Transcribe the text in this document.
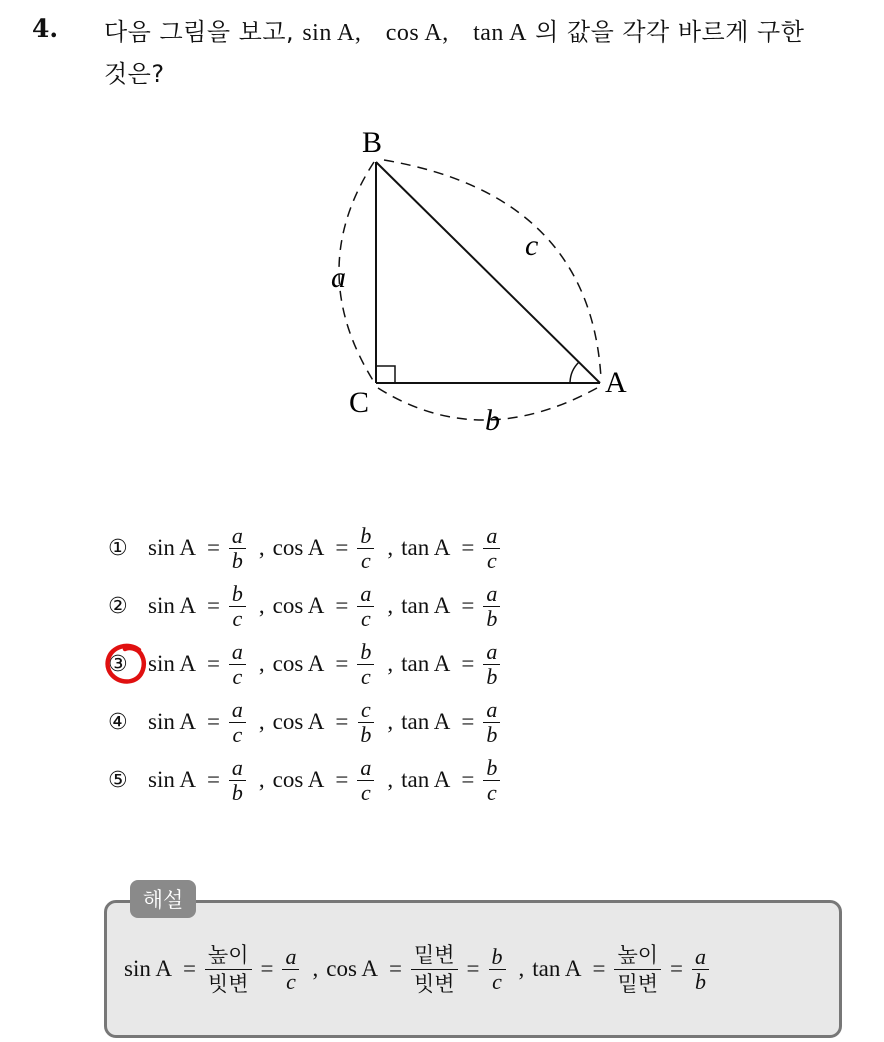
4. 다음 그림을 보고, sin A, cos A, tan A 의 값을 각각 바르게 구한
것은?
B
C
A
a
c
b
① $\sin A = \frac{a}{b}$ , $\cos A = \frac{b}{c}$ , $\tan A = \frac{a}{c}$
② $\sin A = \frac{b}{c}$ , $\cos A = \frac{a}{c}$ , $\tan A = \frac{a}{b}$
③ $\sin A = \frac{a}{c}$ , $\cos A = \frac{b}{c}$ , $\tan A = \frac{a}{b}$
④ $\sin A = \frac{a}{c}$ , $\cos A = \frac{c}{b}$ , $\tan A = \frac{a}{b}$
⑤ $\sin A = \frac{a}{b}$ , $\cos A = \frac{a}{c}$ , $\tan A = \frac{b}{c}$
해설
sin A =
높이
빗변
= $\frac{a}{c}$ , cos A =
밑변
빗변
= $\frac{b}{c}$ , tan A =
높이
밑변
= $\frac{a}{b}$
